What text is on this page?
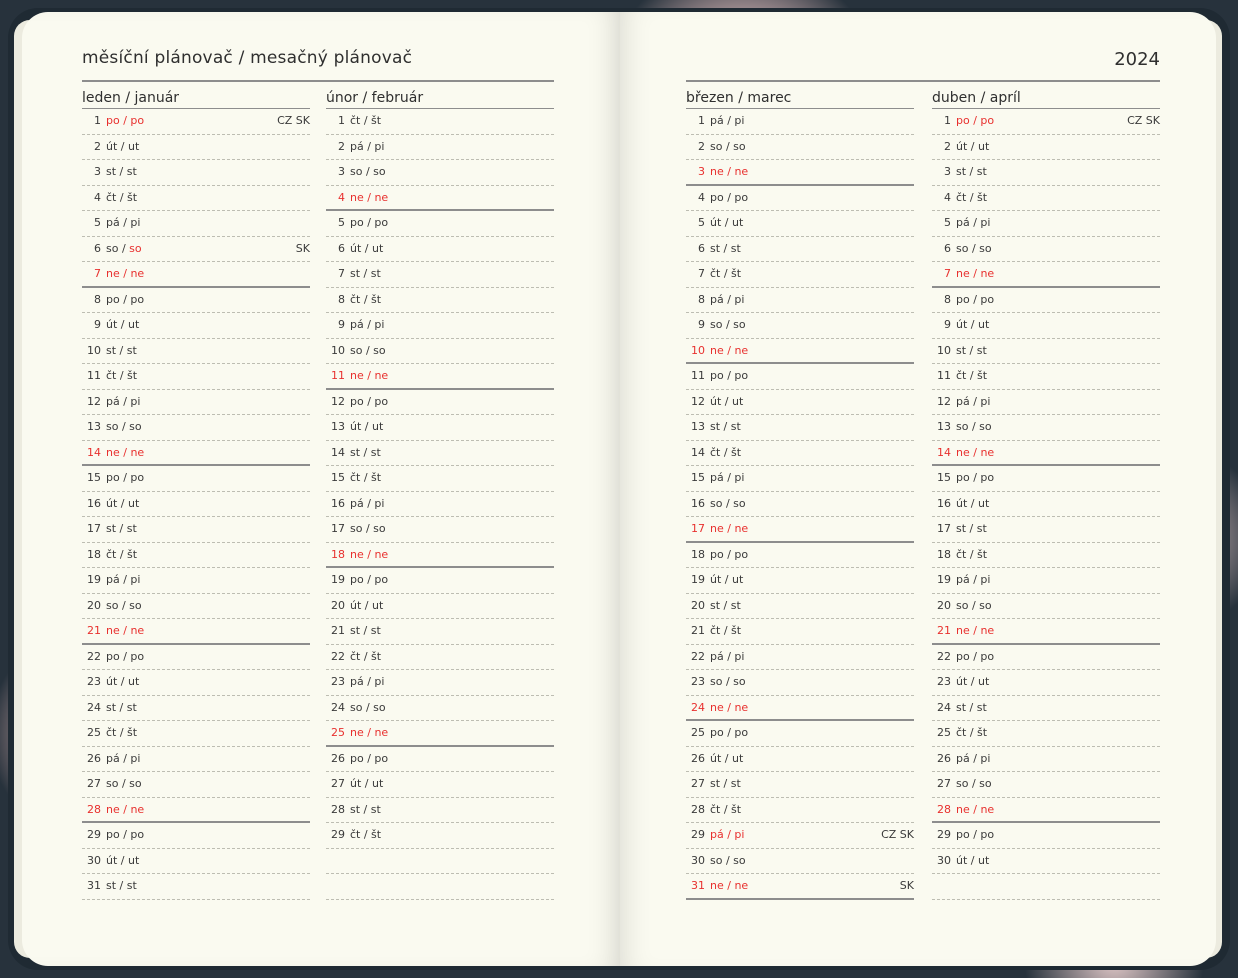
měsíční plánovač / mesačný plánovač	2024
leden / január
1 po / po	CZ SK
2 út / ut
3 st / st
4 čt / št
5 pá / pi
6 so / so	SK
7 ne / ne
8 po / po
9 út / ut
10 st / st
11 čt / št
12 pá / pi
13 so / so
14 ne / ne
15 po / po
16 út / ut
17 st / st
18 čt / št
19 pá / pi
20 so / so
21 ne / ne
22 po / po
23 út / ut
24 st / st
25 čt / št
26 pá / pi
27 so / so
28 ne / ne
29 po / po
30 út / ut
31 st / st
únor / február
1 čt / št
2 pá / pi
3 so / so
4 ne / ne
5 po / po
6 út / ut
7 st / st
8 čt / št
9 pá / pi
10 so / so
11 ne / ne
12 po / po
13 út / ut
14 st / st
15 čt / št
16 pá / pi
17 so / so
18 ne / ne
19 po / po
20 út / ut
21 st / st
22 čt / št
23 pá / pi
24 so / so
25 ne / ne
26 po / po
27 út / ut
28 st / st
29 čt / št
březen / marec
1 pá / pi
2 so / so
3 ne / ne
4 po / po
5 út / ut
6 st / st
7 čt / št
8 pá / pi
9 so / so
10 ne / ne
11 po / po
12 út / ut
13 st / st
14 čt / št
15 pá / pi
16 so / so
17 ne / ne
18 po / po
19 út / ut
20 st / st
21 čt / št
22 pá / pi
23 so / so
24 ne / ne
25 po / po
26 út / ut
27 st / st
28 čt / št
29 pá / pi	CZ SK
30 so / so
31 ne / ne	SK
duben / apríl
1 po / po	CZ SK
2 út / ut
3 st / st
4 čt / št
5 pá / pi
6 so / so
7 ne / ne
8 po / po
9 út / ut
10 st / st
11 čt / št
12 pá / pi
13 so / so
14 ne / ne
15 po / po
16 út / ut
17 st / st
18 čt / št
19 pá / pi
20 so / so
21 ne / ne
22 po / po
23 út / ut
24 st / st
25 čt / št
26 pá / pi
27 so / so
28 ne / ne
29 po / po
30 út / ut
